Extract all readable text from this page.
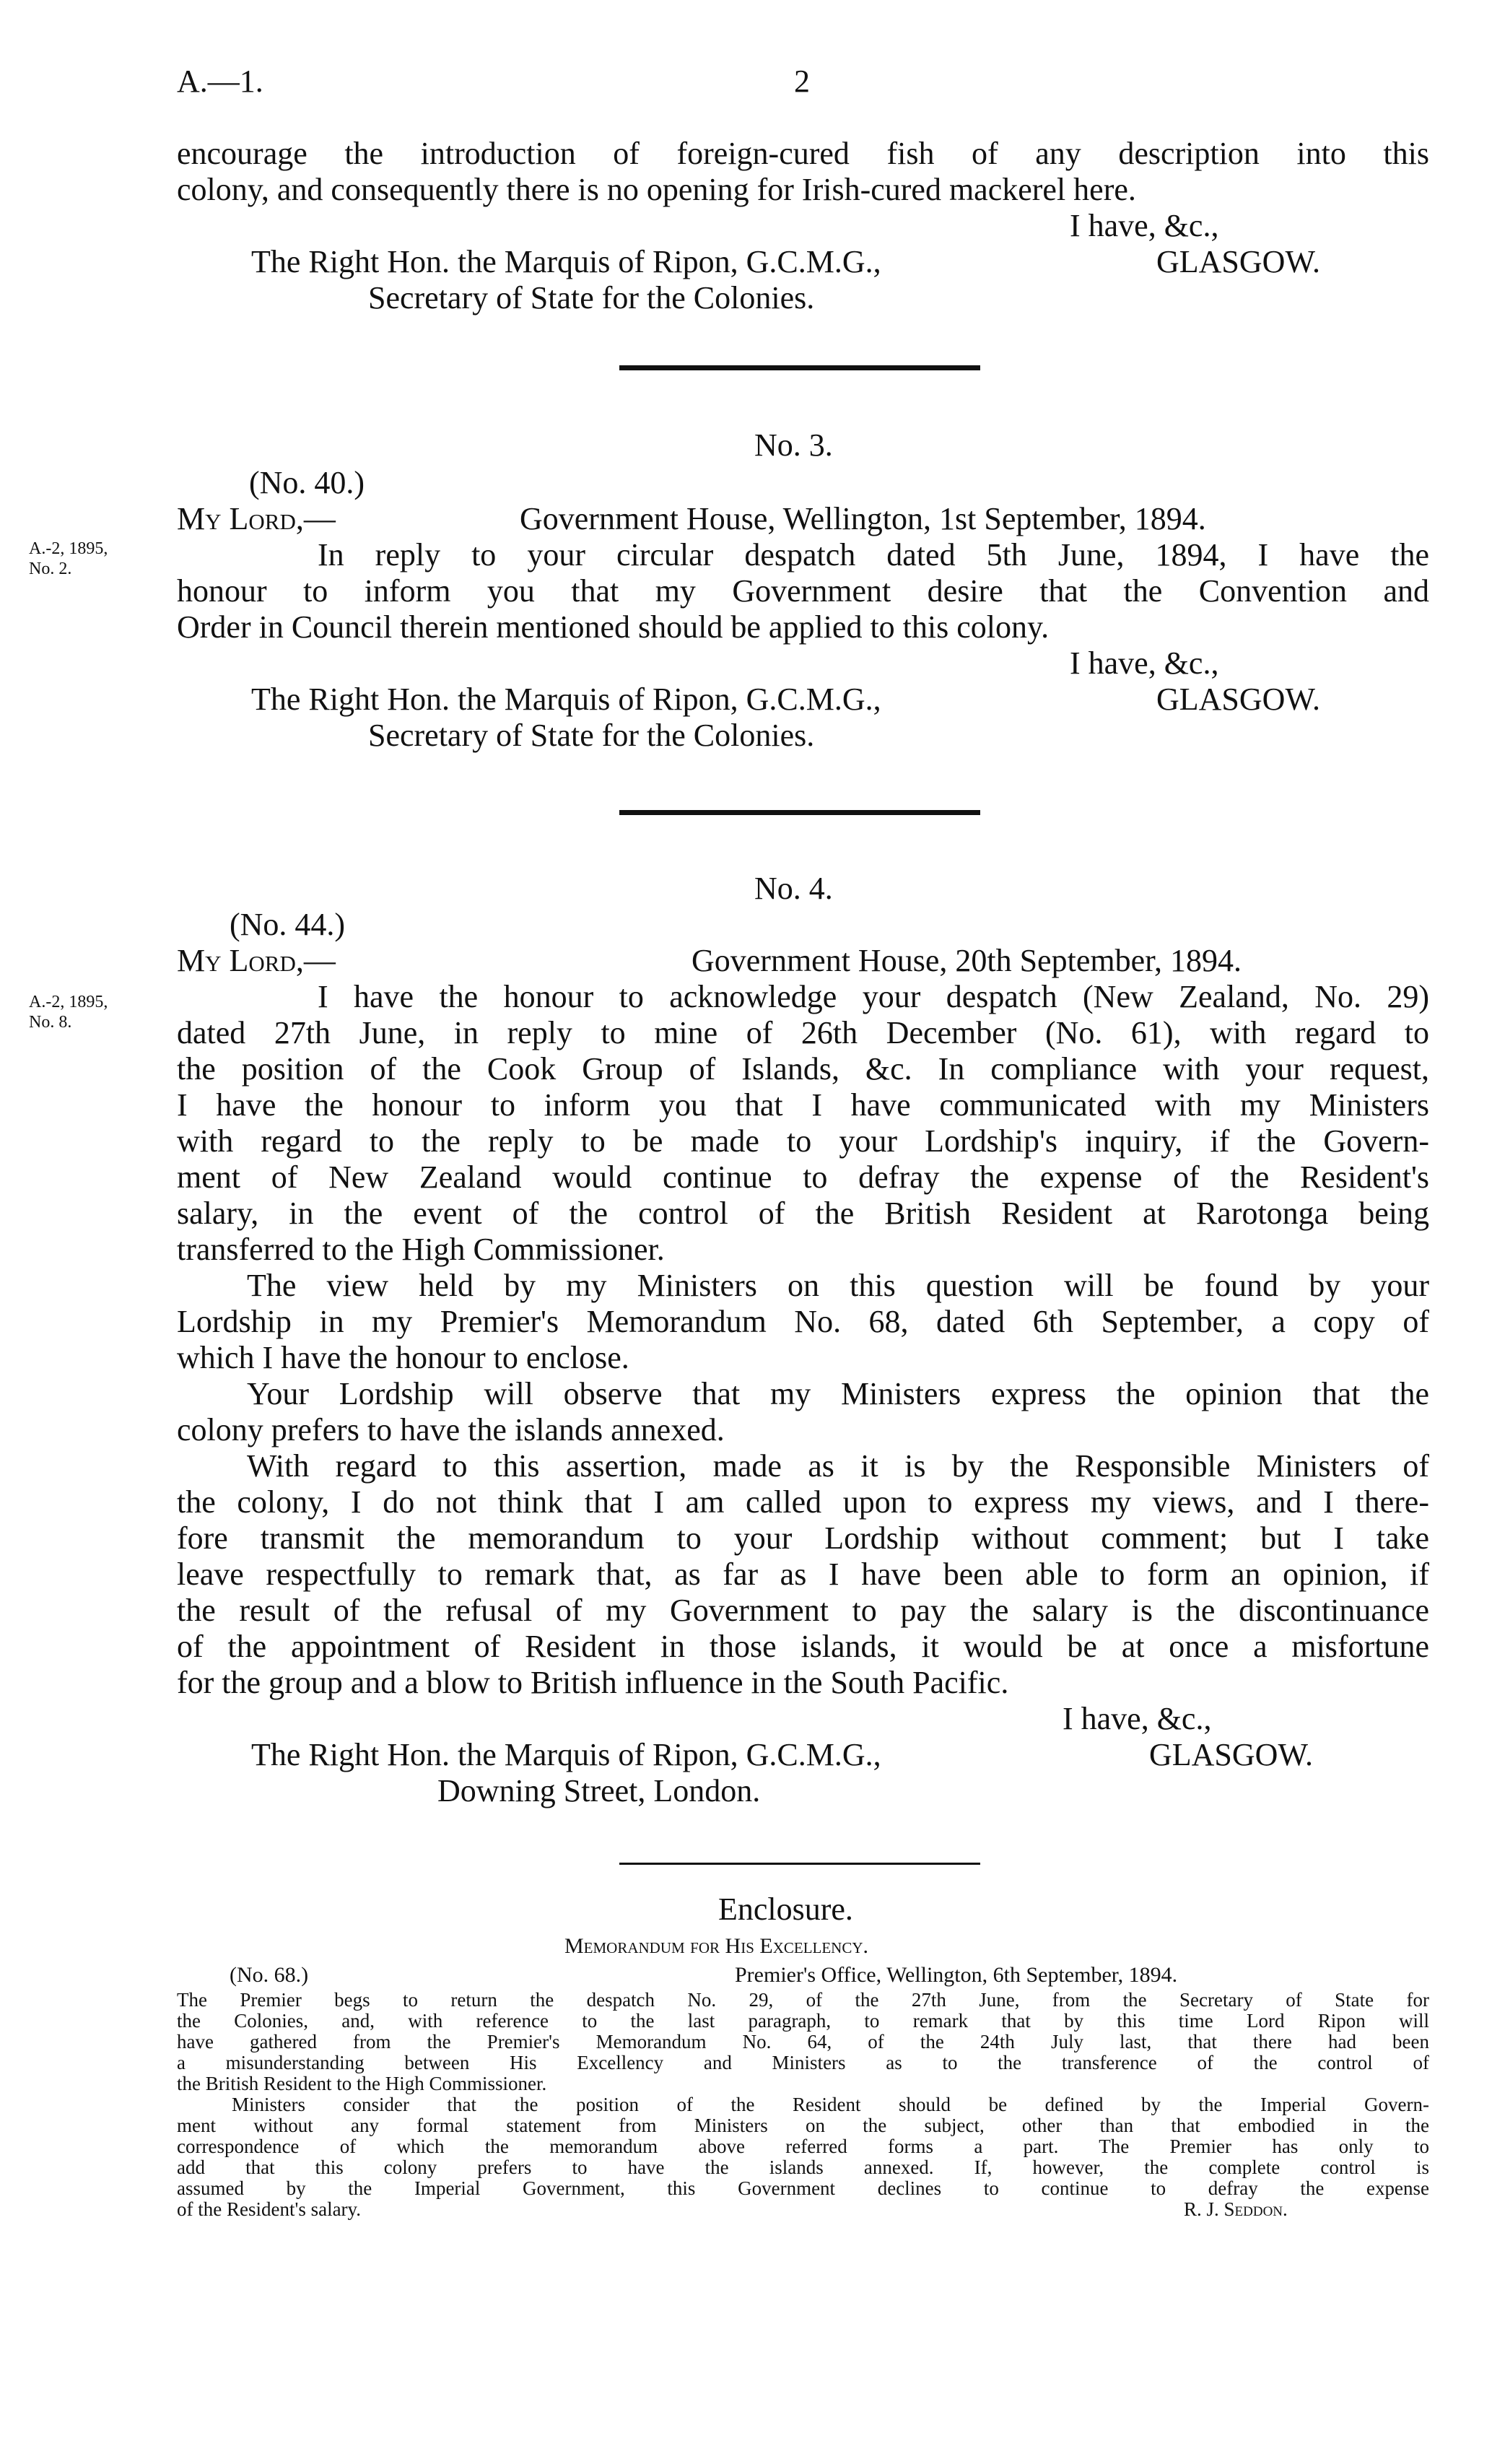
A.—1.	2
encourage the introduction of foreign-cured fish of any description into this
colony, and consequently there is no opening for Irish-cured mackerel here.
I have, &c.,
The Right Hon. the Marquis of Ripon, G.C.M.G.,	GLASGOW.
Secretary of State for the Colonies.
No. 3.
(No. 40.)
My Lord,—	Government House, Wellington, 1st September, 1894.
A.-2, 1895,
No. 2.	In reply to your circular despatch dated 5th June, 1894, I have the
honour to inform you that my Government desire that the Convention and
Order in Council therein mentioned should be applied to this colony.
I have, &c.,
The Right Hon. the Marquis of Ripon, G.C.M.G.,	GLASGOW.
Secretary of State for the Colonies.
No. 4.
(No. 44.)
My Lord,—	Government House, 20th September, 1894.
A.-2, 1895,
No. 8.
I have the honour to acknowledge your despatch (New Zealand, No. 29)
dated 27th June, in reply to mine of 26th December (No. 61), with regard to
the position of the Cook Group of Islands, &c. In compliance with your request,
I have the honour to inform you that I have communicated with my Ministers
with regard to the reply to be made to your Lordship's inquiry, if the Govern-
ment of New Zealand would continue to defray the expense of the Resident's
salary, in the event of the control of the British Resident at Rarotonga being
transferred to the High Commissioner.
The view held by my Ministers on this question will be found by your
Lordship in my Premier's Memorandum No. 68, dated 6th September, a copy of
which I have the honour to enclose.
Your Lordship will observe that my Ministers express the opinion that the
colony prefers to have the islands annexed.
With regard to this assertion, made as it is by the Responsible Ministers of
the colony, I do not think that I am called upon to express my views, and I there-
fore transmit the memorandum to your Lordship without comment; but I take
leave respectfully to remark that, as far as I have been able to form an opinion, if
the result of the refusal of my Government to pay the salary is the discontinuance
of the appointment of Resident in those islands, it would be at once a misfortune
for the group and a blow to British influence in the South Pacific.
I have, &c.,
The Right Hon. the Marquis of Ripon, G.C.M.G.,	GLASGOW.
Downing Street, London.
Enclosure.
Memorandum for His Excellency.
(No. 68.)	Premier's Office, Wellington, 6th September, 1894.
The Premier begs to return the despatch No. 29, of the 27th June, from the Secretary of State for
the Colonies, and, with reference to the last paragraph, to remark that by this time Lord Ripon will
have gathered from the Premier's Memorandum No. 64, of the 24th July last, that there had been
a misunderstanding between His Excellency and Ministers as to the transference of the control of
the British Resident to the High Commissioner.
Ministers consider that the position of the Resident should be defined by the Imperial Govern-
ment without any formal statement from Ministers on the subject, other than that embodied in the
correspondence of which the memorandum above referred forms a part. The Premier has only to
add that this colony prefers to have the islands annexed. If, however, the complete control is
assumed by the Imperial Government, this Government declines to continue to defray the expense
of the Resident's salary.	R. J. Seddon.
